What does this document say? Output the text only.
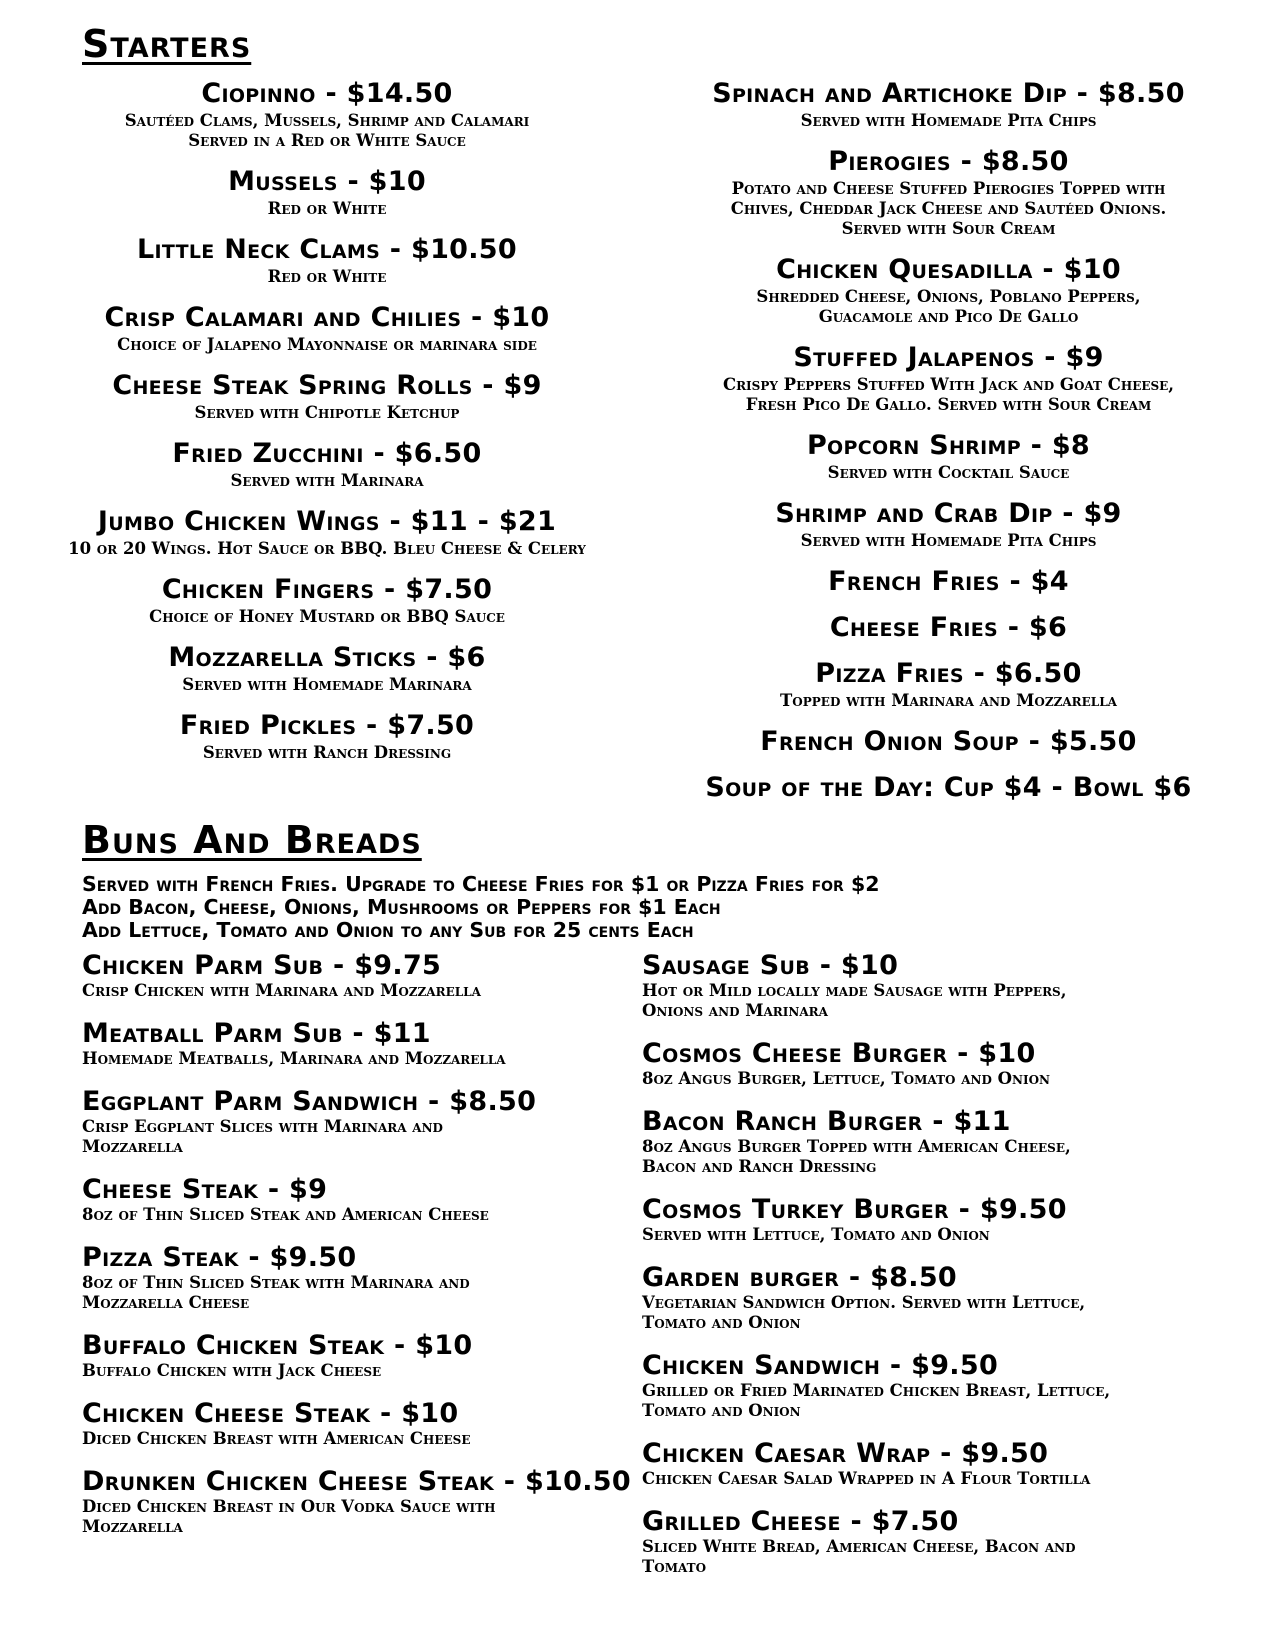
Starters
Ciopinno - $14.50
Sautéed Clams, Mussels, Shrimp and Calamari
Served in a Red or White Sauce
Mussels - $10
Red or White
Little Neck Clams - $10.50
Red or White
Crisp Calamari and Chilies - $10
Choice of Jalapeno Mayonnaise or marinara side
Cheese Steak Spring Rolls - $9
Served with Chipotle Ketchup
Fried Zucchini - $6.50
Served with Marinara
Jumbo Chicken Wings - $11 - $21
10 or 20 Wings. Hot Sauce or BBQ. Bleu Cheese & Celery
Chicken Fingers - $7.50
Choice of Honey Mustard or BBQ Sauce
Mozzarella Sticks - $6
Served with Homemade Marinara
Fried Pickles - $7.50
Served with Ranch Dressing
Spinach and Artichoke Dip - $8.50
Served with Homemade Pita Chips
Pierogies - $8.50
Potato and Cheese Stuffed Pierogies Topped with
Chives, Cheddar Jack Cheese and Sautéed Onions.
Served with Sour Cream
Chicken Quesadilla - $10
Shredded Cheese, Onions, Poblano Peppers,
Guacamole and Pico De Gallo
Stuffed Jalapenos - $9
Crispy Peppers Stuffed With Jack and Goat Cheese,
Fresh Pico De Gallo. Served with Sour Cream
Popcorn Shrimp - $8
Served with Cocktail Sauce
Shrimp and Crab Dip - $9
Served with Homemade Pita Chips
French Fries - $4
Cheese Fries - $6
Pizza Fries - $6.50
Topped with Marinara and Mozzarella
French Onion Soup - $5.50
Soup of the Day: Cup $4 - Bowl $6
Buns And Breads
Served with French Fries. Upgrade to Cheese Fries for $1 or Pizza Fries for $2
Add Bacon, Cheese, Onions, Mushrooms or Peppers for $1 Each
Add Lettuce, Tomato and Onion to any Sub for 25 cents Each
Chicken Parm Sub - $9.75
Crisp Chicken with Marinara and Mozzarella
Meatball Parm Sub - $11
Homemade Meatballs, Marinara and Mozzarella
Eggplant Parm Sandwich - $8.50
Crisp Eggplant Slices with Marinara and
Mozzarella
Cheese Steak - $9
8oz of Thin Sliced Steak and American Cheese
Pizza Steak - $9.50
8oz of Thin Sliced Steak with Marinara and
Mozzarella Cheese
Buffalo Chicken Steak - $10
Buffalo Chicken with Jack Cheese
Chicken Cheese Steak - $10
Diced Chicken Breast with American Cheese
Drunken Chicken Cheese Steak - $10.50
Diced Chicken Breast in Our Vodka Sauce with
Mozzarella
Sausage Sub - $10
Hot or Mild locally made Sausage with Peppers,
Onions and Marinara
Cosmos Cheese Burger - $10
8oz Angus Burger, Lettuce, Tomato and Onion
Bacon Ranch Burger - $11
8oz Angus Burger Topped with American Cheese,
Bacon and Ranch Dressing
Cosmos Turkey Burger - $9.50
Served with Lettuce, Tomato and Onion
Garden burger - $8.50
Vegetarian Sandwich Option. Served with Lettuce,
Tomato and Onion
Chicken Sandwich - $9.50
Grilled or Fried Marinated Chicken Breast, Lettuce,
Tomato and Onion
Chicken Caesar Wrap - $9.50
Chicken Caesar Salad Wrapped in A Flour Tortilla
Grilled Cheese - $7.50
Sliced White Bread, American Cheese, Bacon and
Tomato
